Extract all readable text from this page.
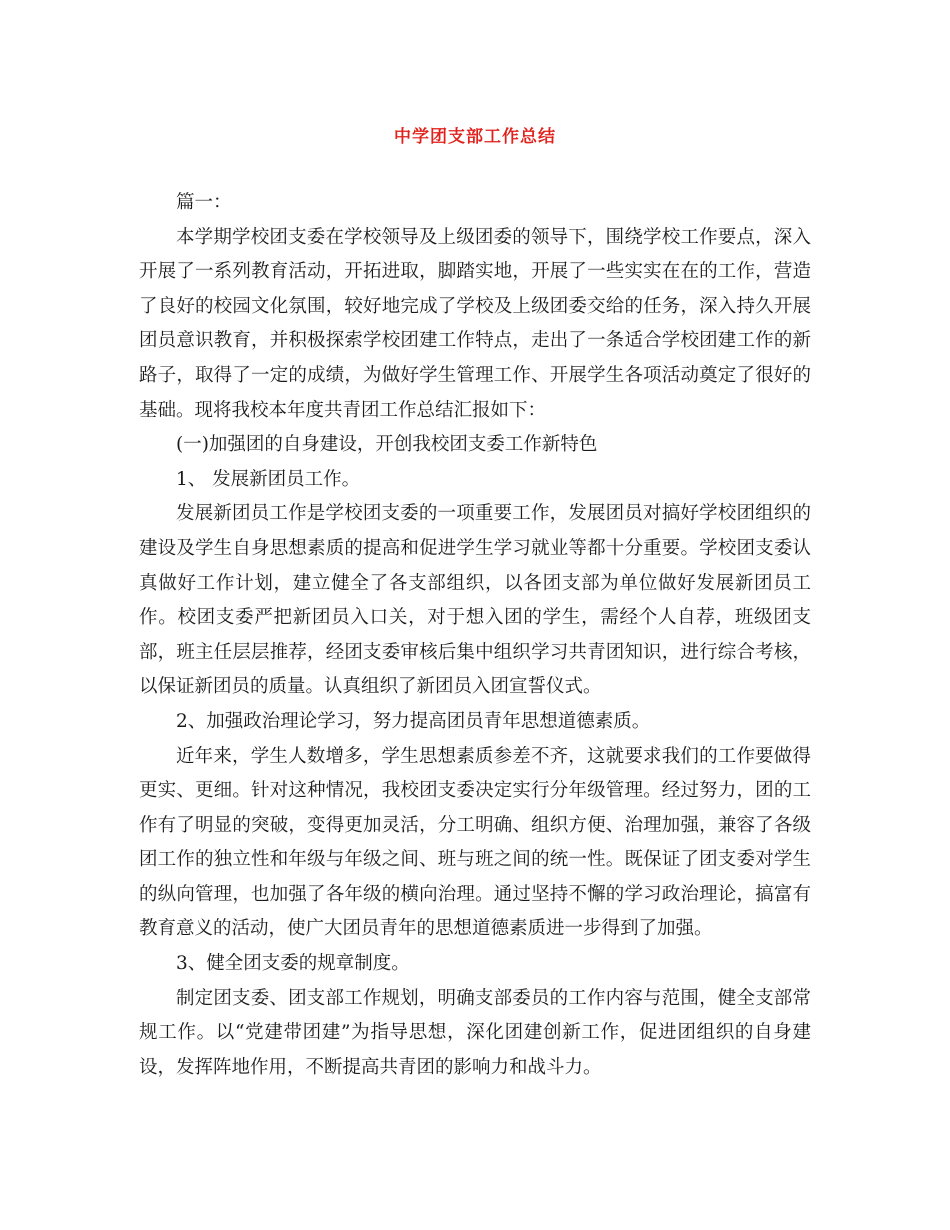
中学团支部工作总结

篇一：

本学期学校团支委在学校领导及上级团委的领导下，围绕学校工作要点，深入开展了一系列教育活动，开拓进取，脚踏实地，开展了一些实实在在的工作，营造了良好的校园文化氛围，较好地完成了学校及上级团委交给的任务，深入持久开展团员意识教育，并积极探索学校团建工作特点，走出了一条适合学校团建工作的新路子，取得了一定的成绩，为做好学生管理工作、开展学生各项活动奠定了很好的基础。现将我校本年度共青团工作总结汇报如下：

(一)加强团的自身建设，开创我校团支委工作新特色

1、 发展新团员工作。

发展新团员工作是学校团支委的一项重要工作，发展团员对搞好学校团组织的建设及学生自身思想素质的提高和促进学生学习就业等都十分重要。学校团支委认真做好工作计划，建立健全了各支部组织，以各团支部为单位做好发展新团员工作。校团支委严把新团员入口关，对于想入团的学生，需经个人自荐，班级团支部，班主任层层推荐，经团支委审核后集中组织学习共青团知识，进行综合考核，以保证新团员的质量。认真组织了新团员入团宣誓仪式。

2、加强政治理论学习，努力提高团员青年思想道德素质。

近年来，学生人数增多，学生思想素质参差不齐，这就要求我们的工作要做得更实、更细。针对这种情况，我校团支委决定实行分年级管理。经过努力，团的工作有了明显的突破，变得更加灵活，分工明确、组织方便、治理加强，兼容了各级团工作的独立性和年级与年级之间、班与班之间的统一性。既保证了团支委对学生的纵向管理，也加强了各年级的横向治理。通过坚持不懈的学习政治理论，搞富有教育意义的活动，使广大团员青年的思想道德素质进一步得到了加强。

3、健全团支委的规章制度。

制定团支委、团支部工作规划，明确支部委员的工作内容与范围，健全支部常规工作。以“党建带团建”为指导思想，深化团建创新工作，促进团组织的自身建设，发挥阵地作用，不断提高共青团的影响力和战斗力。
